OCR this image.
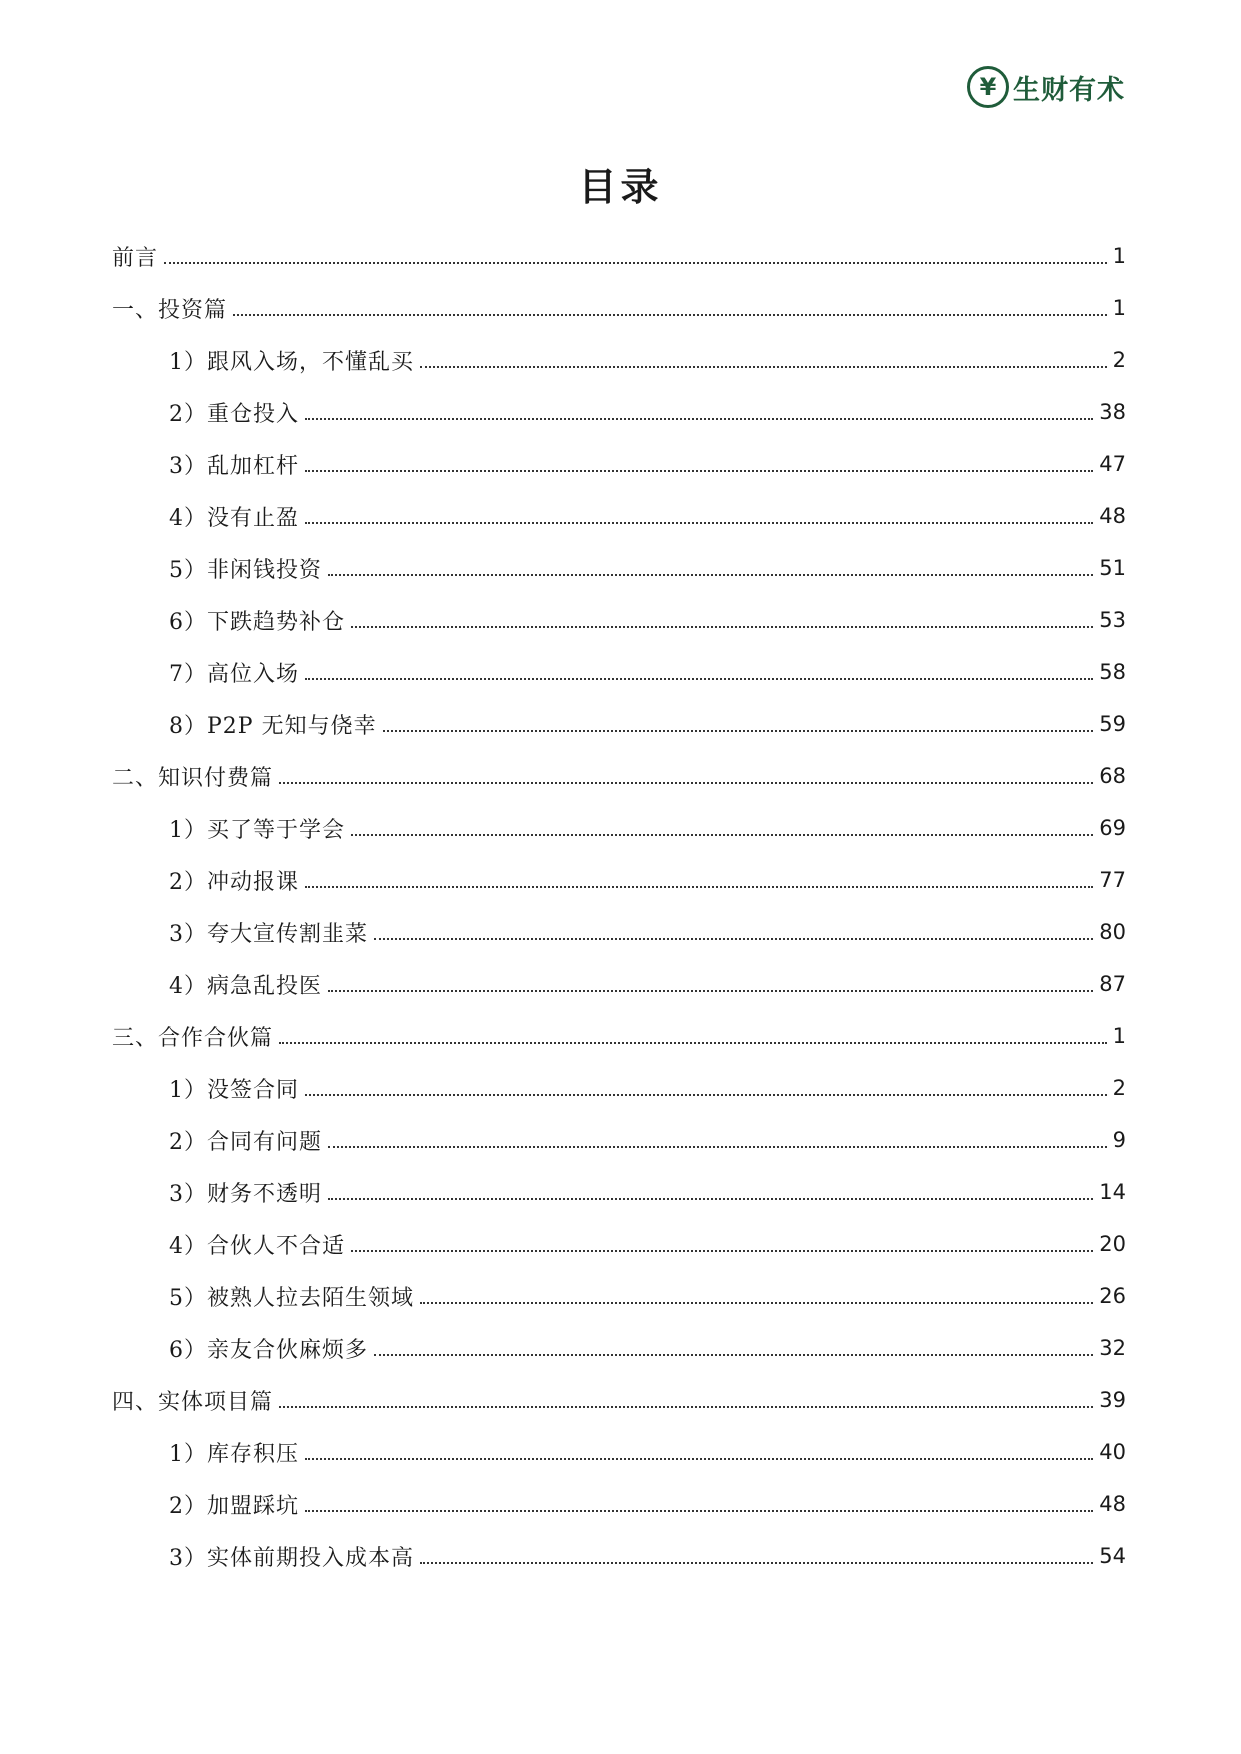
¥ 生财有术
目录
前言	1
一、投资篇	1
1）跟风入场，不懂乱买	2
2）重仓投入	38
3）乱加杠杆	47
4）没有止盈	48
5）非闲钱投资	51
6）下跌趋势补仓	53
7）高位入场	58
8）P2P 无知与侥幸	59
二、知识付费篇	68
1）买了等于学会	69
2）冲动报课	77
3）夸大宣传割韭菜	80
4）病急乱投医	87
三、合作合伙篇	1
1）没签合同	2
2）合同有问题	9
3）财务不透明	14
4）合伙人不合适	20
5）被熟人拉去陌生领域	26
6）亲友合伙麻烦多	32
四、实体项目篇	39
1）库存积压	40
2）加盟踩坑	48
3）实体前期投入成本高	54
